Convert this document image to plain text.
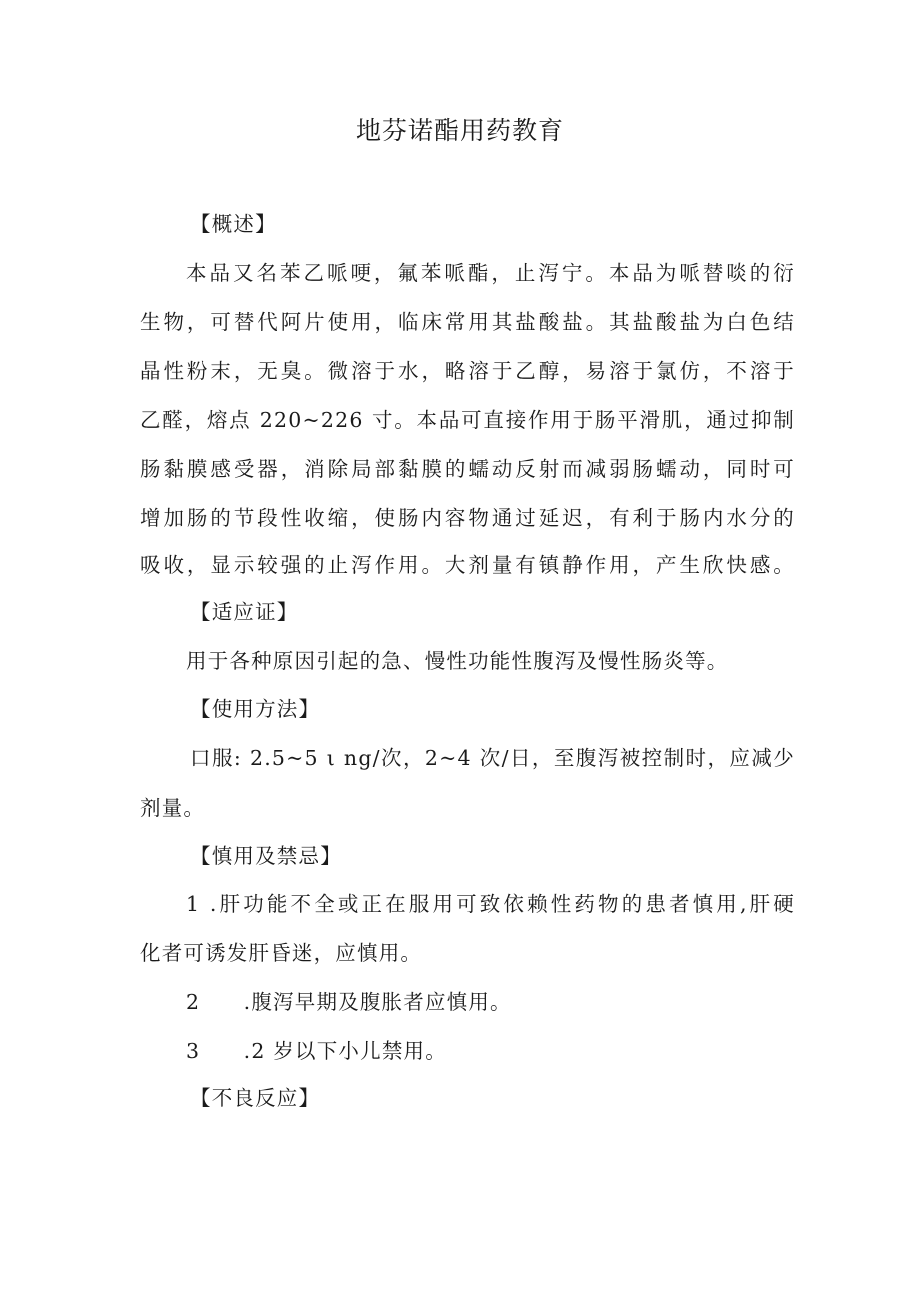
地芬诺酯用药教育
【概述】
本品又名苯乙哌哽，氟苯哌酯，止泻宁。本品为哌替啖的衍
生物，可替代阿片使用，临床常用其盐酸盐。其盐酸盐为白色结
晶性粉末，无臭。微溶于水，略溶于乙醇，易溶于氯仿，不溶于
乙醛，熔点 220~226 寸。本品可直接作用于肠平滑肌，通过抑制
肠黏膜感受器，消除局部黏膜的蠕动反射而减弱肠蠕动，同时可
增加肠的节段性收缩，使肠内容物通过延迟，有利于肠内水分的
吸收，显示较强的止泻作用。大剂量有镇静作用，产生欣快感。
【适应证】
用于各种原因引起的急、慢性功能性腹泻及慢性肠炎等。
【使用方法】
口服: 2.5~5 ι ng/次，2~4 次/日，至腹泻被控制时，应减少
剂量。
【慎用及禁忌】
1 .肝功能不全或正在服用可致依赖性药物的患者慎用,肝硬
化者可诱发肝昏迷，应慎用。
2　　.腹泻早期及腹胀者应慎用。
3　　.2 岁以下小儿禁用。
【不良反应】
